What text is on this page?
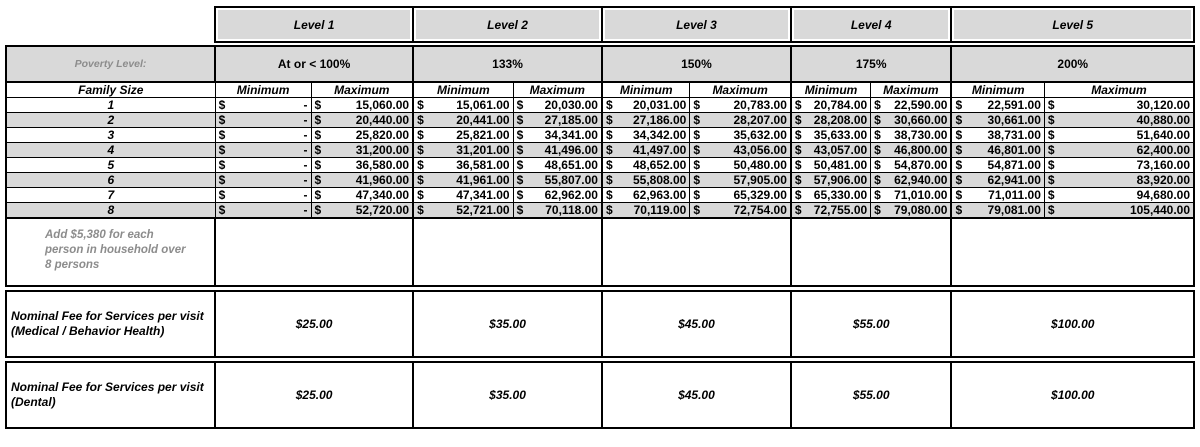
	Level 1				Level 2				Level 3				Level 4				Level 5			

Poverty Level:	At or < 100%				133%				150%				175%				200%			
Family Size	Minimum		Maximum		Minimum		Maximum		Minimum		Maximum		Minimum		Maximum		Minimum		Maximum	
1	$	-	$	15,060.00	$	15,061.00	$	20,030.00	$	20,031.00	$	20,783.00	$	20,784.00	$	22,590.00	$	22,591.00	$	30,120.00
2	$	-	$	20,440.00	$	20,441.00	$	27,185.00	$	27,186.00	$	28,207.00	$	28,208.00	$	30,660.00	$	30,661.00	$	40,880.00
3	$	-	$	25,820.00	$	25,821.00	$	34,341.00	$	34,342.00	$	35,632.00	$	35,633.00	$	38,730.00	$	38,731.00	$	51,640.00
4	$	-	$	31,200.00	$	31,201.00	$	41,496.00	$	41,497.00	$	43,056.00	$	43,057.00	$	46,800.00	$	46,801.00	$	62,400.00
5	$	-	$	36,580.00	$	36,581.00	$	48,651.00	$	48,652.00	$	50,480.00	$	50,481.00	$	54,870.00	$	54,871.00	$	73,160.00
6	$	-	$	41,960.00	$	41,961.00	$	55,807.00	$	55,808.00	$	57,905.00	$	57,906.00	$	62,940.00	$	62,941.00	$	83,920.00
7	$	-	$	47,340.00	$	47,341.00	$	62,962.00	$	62,963.00	$	65,329.00	$	65,330.00	$	71,010.00	$	71,011.00	$	94,680.00
8	$	-	$	52,720.00	$	52,721.00	$	70,118.00	$	70,119.00	$	72,754.00	$	72,755.00	$	79,080.00	$	79,081.00	$	105,440.00

Add $5,380 for each person in household over 8 persons																				

Nominal Fee for Services per visit (Medical / Behavior Health)	$25.00				$35.00				$45.00				$55.00				$100.00			

Nominal Fee for Services per visit (Dental)	$25.00				$35.00				$45.00				$55.00				$100.00			
